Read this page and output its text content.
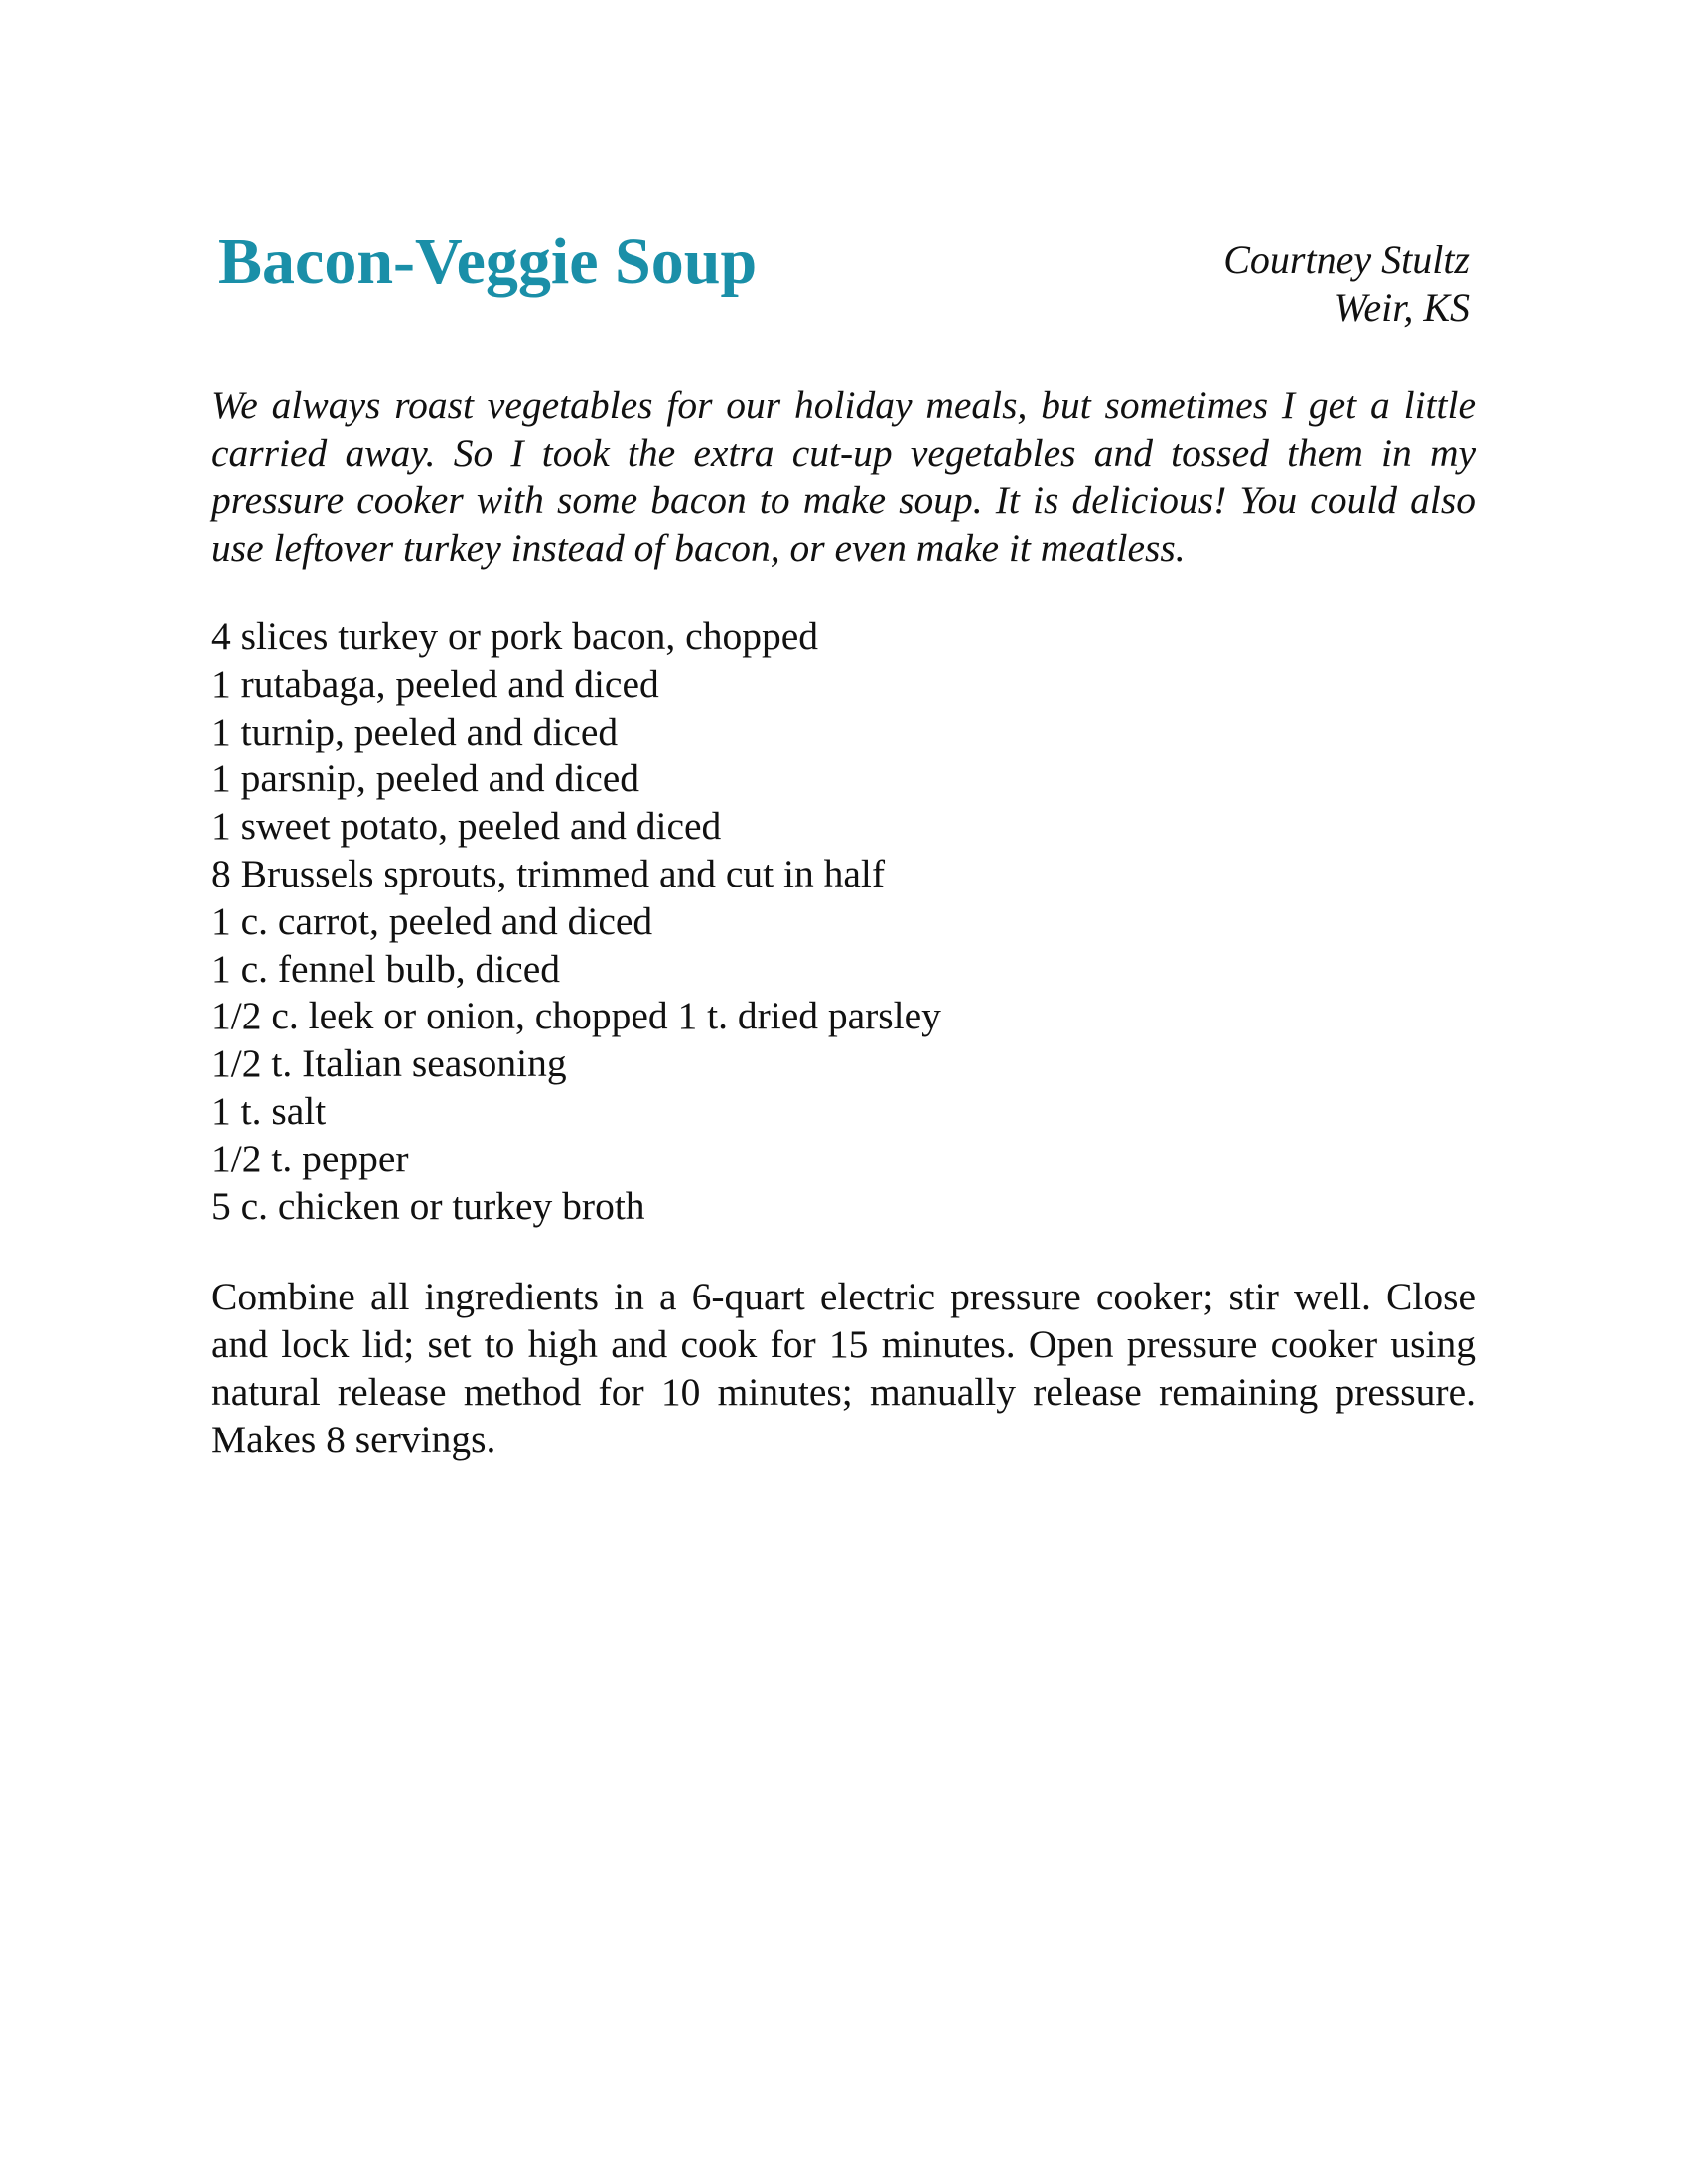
Bacon-Veggie Soup	Courtney Stultz
Weir, KS

We always roast vegetables for our holiday meals, but sometimes I get a little carried away. So I took the extra cut-up vegetables and tossed them in my pressure cooker with some bacon to make soup. It is delicious! You could also use leftover turkey instead of bacon, or even make it meatless.

4 slices turkey or pork bacon, chopped
1 rutabaga, peeled and diced
1 turnip, peeled and diced
1 parsnip, peeled and diced
1 sweet potato, peeled and diced
8 Brussels sprouts, trimmed and cut in half
1 c. carrot, peeled and diced
1 c. fennel bulb, diced
1/2 c. leek or onion, chopped 1 t. dried parsley
1/2 t. Italian seasoning
1 t. salt
1/2 t. pepper
5 c. chicken or turkey broth

Combine all ingredients in a 6-quart electric pressure cooker; stir well. Close and lock lid; set to high and cook for 15 minutes. Open pressure cooker using natural release method for 10 minutes; manually release remaining pressure. Makes 8 servings.
